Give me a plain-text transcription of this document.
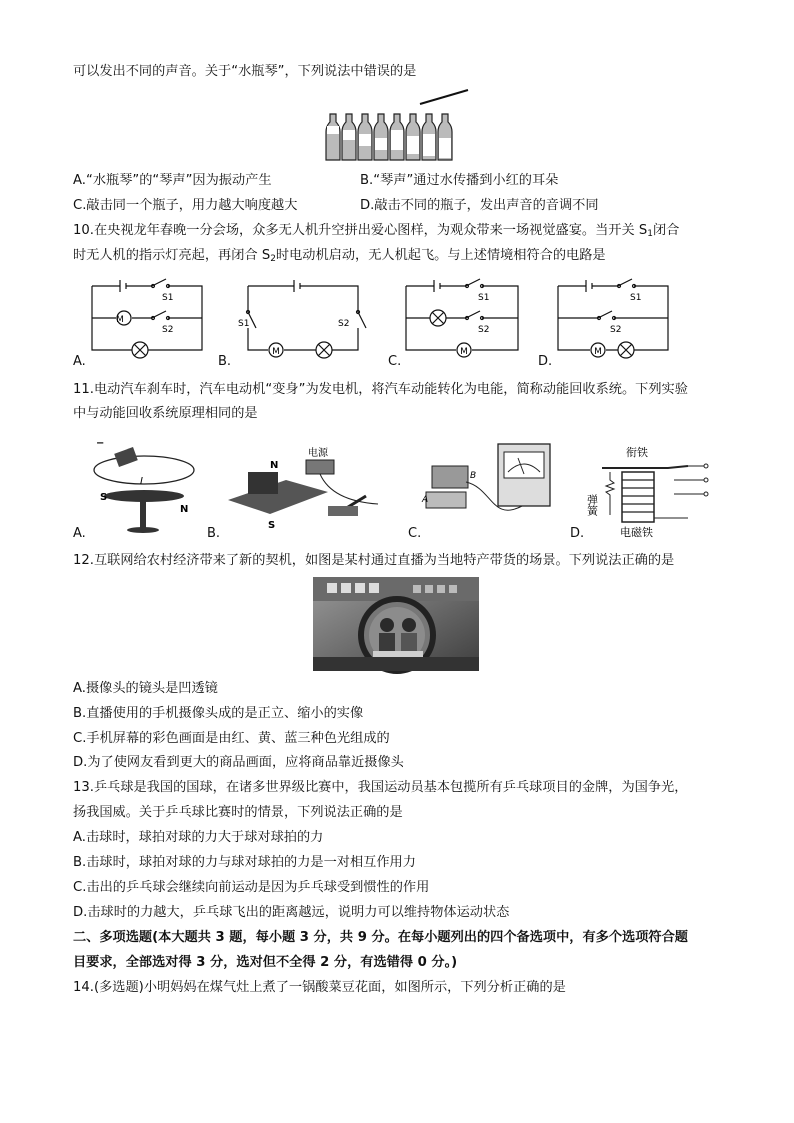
可以发出不同的声音。关于“水瓶琴”，下列说法中错误的是
A.“水瓶琴”的“琴声”因为振动产生	B.“琴声”通过水传播到小红的耳朵
C.敲击同一个瓶子，用力越大响度越大	D.敲击不同的瓶子，发出声音的音调不同
10.在央视龙年春晚一分会场，众多无人机升空拼出爱心图样，为观众带来一场视觉盛宴。当开关 $S_1$闭合
时无人机的指示灯亮起，再闭合 $S_2$时电动机启动，无人机起飞。与上述情境相符合的电路是
M
S1
S2
A.
M
S1	S2
B.
M
S1
S2
C.
M
S1
S2
D.
11.电动汽车刹车时，汽车电动机“变身”为发电机，将汽车动能转化为电能，简称动能回收系统。下列实验
中与动能回收系统原理相同的是
−
I
S
N
A.
N
S
电源
B.
A
B
C.
衔铁
弹簧
电磁铁
D.
12.互联网给农村经济带来了新的契机，如图是某村通过直播为当地特产带货的场景。下列说法正确的是
A.摄像头的镜头是凹透镜
B.直播使用的手机摄像头成的是正立、缩小的实像
C.手机屏幕的彩色画面是由红、黄、蓝三种色光组成的
D.为了使网友看到更大的商品画面，应将商品靠近摄像头
13.乒乓球是我国的国球，在诸多世界级比赛中，我国运动员基本包揽所有乒乓球项目的金牌，为国争光，
扬我国威。关于乒乓球比赛时的情景，下列说法正确的是
A.击球时，球拍对球的力大于球对球拍的力
B.击球时，球拍对球的力与球对球拍的力是一对相互作用力
C.击出的乒乓球会继续向前运动是因为乒乓球受到惯性的作用
D.击球时的力越大，乒乓球飞出的距离越远，说明力可以维持物体运动状态
二、多项选题(本大题共 3 题，每小题 3 分，共 9 分。在每小题列出的四个备选项中，有多个选项符合题
目要求，全部选对得 3 分，选对但不全得 2 分，有选错得 0 分。)
14.(多选题)小明妈妈在煤气灶上煮了一锅酸菜豆花面，如图所示，下列分析正确的是
